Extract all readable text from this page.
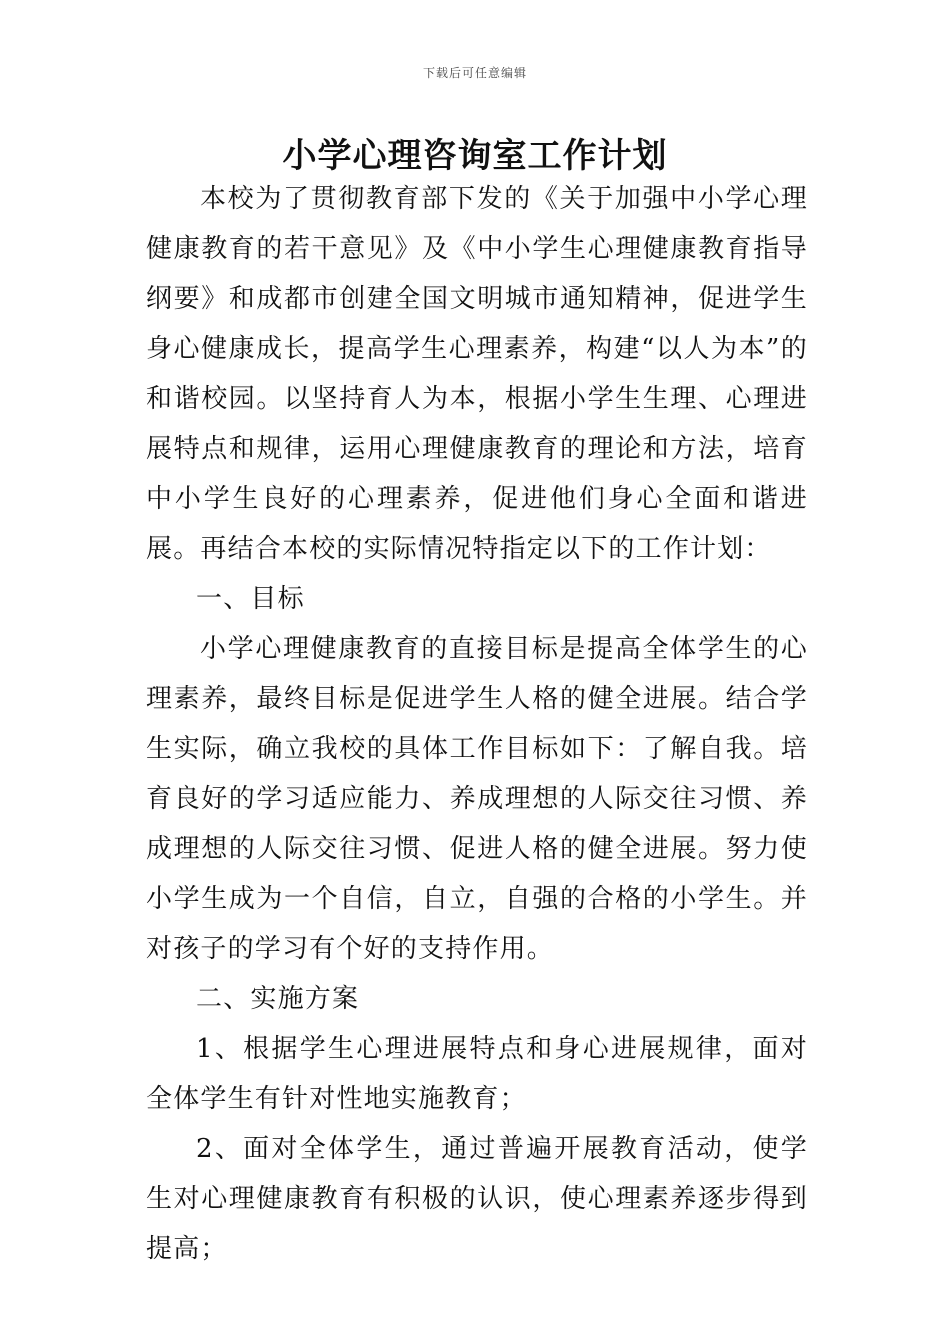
下载后可任意编辑
小学心理咨询室工作计划

本校为了贯彻教育部下发的《关于加强中小学心理健康教育的若干意见》及《中小学生心理健康教育指导纲要》和成都市创建全国文明城市通知精神，促进学生身心健康成长，提高学生心理素养，构建“以人为本”的和谐校园。以坚持育人为本，根据小学生生理、心理进展特点和规律，运用心理健康教育的理论和方法，培育中小学生良好的心理素养，促进他们身心全面和谐进展。再结合本校的实际情况特指定以下的工作计划：

一、目标

小学心理健康教育的直接目标是提高全体学生的心理素养，最终目标是促进学生人格的健全进展。结合学生实际，确立我校的具体工作目标如下：了解自我。培育良好的学习适应能力、养成理想的人际交往习惯、养成理想的人际交往习惯、促进人格的健全进展。努力使小学生成为一个自信，自立，自强的合格的小学生。并对孩子的学习有个好的支持作用。

二、实施方案

1、根据学生心理进展特点和身心进展规律，面对全体学生有针对性地实施教育；

2、面对全体学生，通过普遍开展教育活动，使学生对心理健康教育有积极的认识，使心理素养逐步得到提高；
